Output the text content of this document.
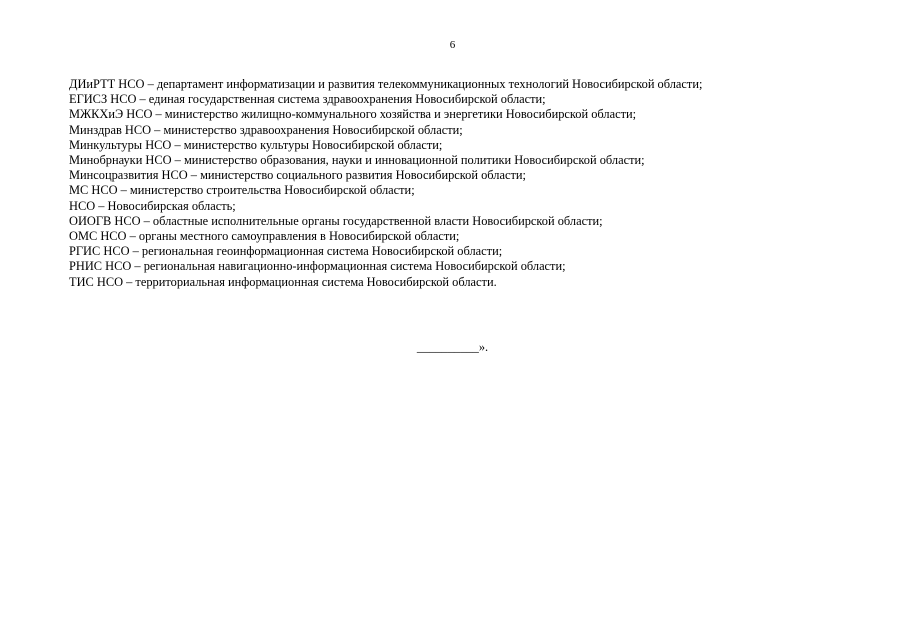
6
ДИиРТТ НСО – департамент информатизации и развития телекоммуникационных технологий Новосибирской области;
ЕГИСЗ НСО – единая государственная система здравоохранения Новосибирской области;
МЖКХиЭ НСО – министерство жилищно-коммунального хозяйства и энергетики Новосибирской области;
Минздрав НСО – министерство здравоохранения Новосибирской области;
Минкультуры НСО – министерство культуры Новосибирской области;
Минобрнауки НСО – министерство образования, науки и инновационной политики Новосибирской области;
Минсоцразвития НСО – министерство социального развития Новосибирской области;
МС НСО – министерство строительства Новосибирской области;
НСО – Новосибирская область;
ОИОГВ НСО – областные исполнительные органы государственной власти Новосибирской области;
ОМС НСО – органы местного самоуправления в Новосибирской области;
РГИС НСО – региональная геоинформационная система Новосибирской области;
РНИС НСО – региональная навигационно-информационная система Новосибирской области;
ТИС НСО – территориальная информационная система Новосибирской области.
__________».
